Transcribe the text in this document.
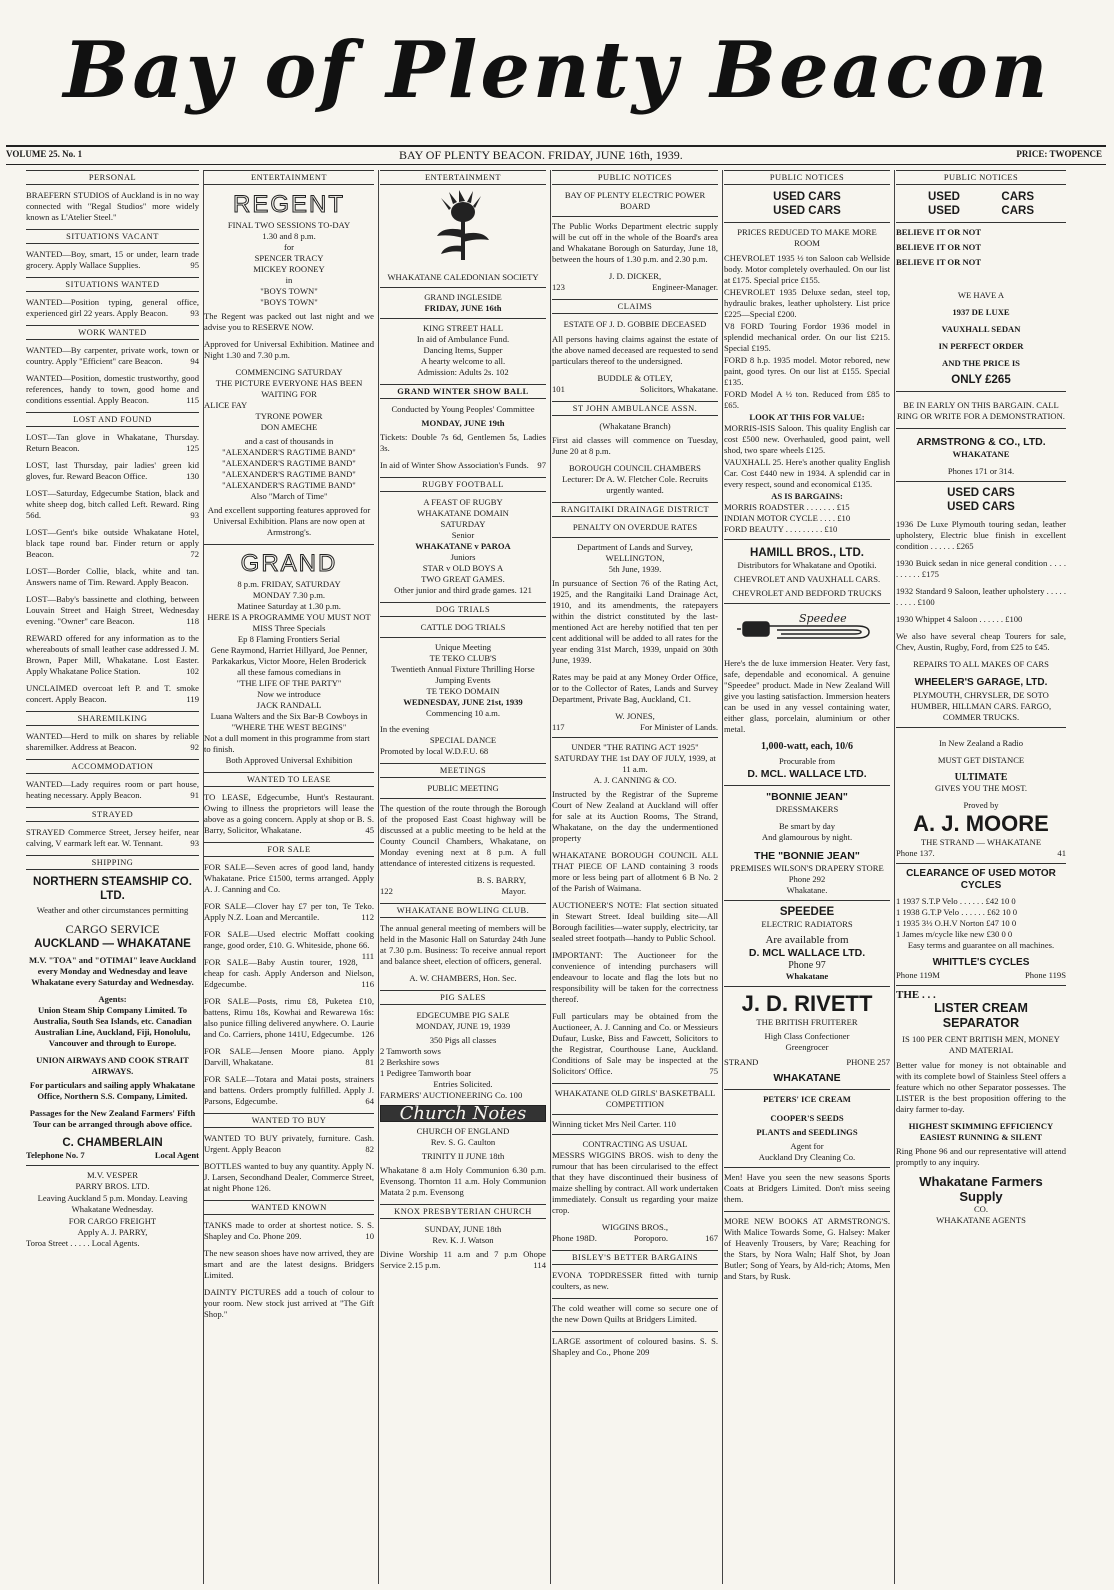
Bay of Plenty Beacon
VOLUME 25. No. 1	BAY OF PLENTY BEACON. FRIDAY, JUNE 16th, 1939.	PRICE: TWOPENCE
PERSONAL

BRAEFERN STUDIOS of Auckland is in no way connected with "Regal Studios" more widely known as L'Atelier Steel."

SITUATIONS VACANT

WANTED—Boy, smart, 15 or under, learn trade grocery. Apply Wallace Supplies.	95

SITUATIONS WANTED

WANTED—Position typing, general office, experienced girl 22 years. Apply Beacon.	93

WORK WANTED

WANTED—By carpenter, private work, town or country. Apply "Efficient" care Beacon.	94

WANTED—Position, domestic trustworthy, good references, handy to town, good home and conditions essential. Apply Beacon.	115

LOST AND FOUND

LOST—Tan glove in Whakatane, Thursday. Return Beacon.	125

LOST, last Thursday, pair ladies' green kid gloves, fur. Reward Beacon Office.	130

LOST—Saturday, Edgecumbe Station, black and white sheep dog, bitch called Left. Reward. Ring 56d.	93

LOST—Gent's bike outside Whakatane Hotel, black tape round bar. Finder return or apply Beacon.	72

LOST—Border Collie, black, white and tan. Answers name of Tim. Reward. Apply Beacon.

LOST—Baby's bassinette and clothing, between Louvain Street and Haigh Street, Wednesday evening. "Owner" care Beacon.	118

REWARD offered for any information as to the whereabouts of small leather case addressed J. M. Brown, Paper Mill, Whakatane. Lost Easter. Apply Whakatane Police Station.	102

UNCLAIMED overcoat left P. and T. smoke concert. Apply Beacon.	119

SHAREMILKING

WANTED—Herd to milk on shares by reliable sharemilker. Address at Beacon.	92

ACCOMMODATION

WANTED—Lady requires room or part house, heating necessary. Apply Beacon.	91

STRAYED

STRAYED Commerce Street, Jersey heifer, near calving, V earmark left ear. W. Tennant.	93

SHIPPING
NORTHERN STEAMSHIP CO. LTD.

Weather and other circumstances permitting

CARGO SERVICE
AUCKLAND — WHAKATANE

M.V. "TOA" and "OTIMAI" leave Auckland every Monday and Wednesday and leave Whakatane every Saturday and Wednesday.

Agents:

Union Steam Ship Company Limited. To Australia, South Sea Islands, etc. Canadian Australian Line, Auckland, Fiji, Honolulu, Vancouver and through to Europe.

UNION AIRWAYS AND COOK STRAIT AIRWAYS.

For particulars and sailing apply Whakatane Office, Northern S.S. Company, Limited.

Passages for the New Zealand Farmers' Fifth Tour can be arranged through above office.

C. CHAMBERLAIN
Telephone No. 7	Local Agent
M.V. VESPER
PARRY BROS. LTD.

Leaving Auckland 5 p.m. Monday. Leaving Whakatane Wednesday.

FOR CARGO FREIGHT
Apply A. J. PARRY,
Toroa Street . . . . . Local Agents.
ENTERTAINMENT
REGENT
FINAL TWO SESSIONS TO-DAY
1.30 and 8 p.m.
for
SPENCER TRACY
MICKEY ROONEY
in
"BOYS TOWN"
"BOYS TOWN"

The Regent was packed out last night and we advise you to RESERVE NOW.

Approved for Universal Exhibition. Matinee and Night 1.30 and 7.30 p.m.

COMMENCING SATURDAY
THE PICTURE EVERYONE HAS BEEN WAITING FOR
ALICE FAY
TYRONE POWER
DON AMECHE
and a cast of thousands in
"ALEXANDER'S RAGTIME BAND"
"ALEXANDER'S RAGTIME BAND"
"ALEXANDER'S RAGTIME BAND"
"ALEXANDER'S RAGTIME BAND"
Also "March of Time"

And excellent supporting features approved for Universal Exhibition. Plans are now open at Armstrong's.

GRAND
8 p.m. FRIDAY, SATURDAY
MONDAY 7.30 p.m.
Matinee Saturday at 1.30 p.m.
HERE IS A PROGRAMME YOU MUST NOT MISS Three Specials
Ep 8 Flaming Frontiers Serial
Gene Raymond, Harriet Hillyard, Joe Penner, Parkakarkus, Victor Moore, Helen Broderick
all these famous comedians in
"THE LIFE OF THE PARTY"
Now we introduce
JACK RANDALL
Luana Walters and the Six Bar-B Cowboys in
"WHERE THE WEST BEGINS"
Not a dull moment in this programme from start to finish.
Both Approved Universal Exhibition
WANTED TO LEASE

TO LEASE, Edgecumbe, Hunt's Restaurant. Owing to illness the proprietors will lease the above as a going concern. Apply at shop or B. S. Barry, Solicitor, Whakatane.	45

FOR SALE

FOR SALE—Seven acres of good land, handy Whakatane. Price £1500, terms arranged. Apply A. J. Canning and Co.

FOR SALE—Clover hay £7 per ton, Te Teko. Apply N.Z. Loan and Mercantile.	112

FOR SALE—Used electric Moffatt cooking range, good order, £10. G. Whiteside, phone 66.
111

FOR SALE—Baby Austin tourer, 1928, cheap for cash. Apply Anderson and Nielson, Edgecumbe.	116

FOR SALE—Posts, rimu £8, Puketea £10, battens, Rimu 18s, Kowhai and Rewarewa 16s: also punice filling delivered anywhere. O. Laurie and Co. Carriers, phone 141U, Edgecumbe. 126

FOR SALE—Jensen Moore piano. Apply Darvill, Whakatane.	81

FOR SALE—Totara and Matai posts, strainers and battens. Orders promptly fulfilled. Apply J. Parsons, Edgecumbe.	64

WANTED TO BUY

WANTED TO BUY privately, furniture. Cash. Urgent. Apply Beacon	82

BOTTLES wanted to buy any quantity. Apply N. J. Larsen, Secondhand Dealer, Commerce Street, at night Phone 126.

WANTED KNOWN

TANKS made to order at shortest notice. S. S. Shapley and Co. Phone 209.	10

The new season shoes have now arrived, they are smart and are the latest designs. Bridgers Limited.

DAINTY PICTURES add a touch of colour to your room. New stock just arrived at "The Gift Shop."

ENTERTAINMENT
WHAKATANE CALEDONIAN SOCIETY
GRAND INGLESIDE
FRIDAY, JUNE 16th
KING STREET HALL
In aid of Ambulance Fund.
Dancing Items, Supper
A hearty welcome to all.
Admission: Adults 2s. 102
GRAND WINTER SHOW BALL
Conducted by Young Peoples' Committee
MONDAY, JUNE 19th

Tickets: Double 7s 6d, Gentlemen 5s, Ladies 3s.

In aid of Winter Show Association's Funds. 97

RUGBY FOOTBALL
A FEAST OF RUGBY
WHAKATANE DOMAIN
SATURDAY
Senior
WHAKATANE v PAROA
Juniors
STAR v OLD BOYS A
TWO GREAT GAMES.
Other junior and third grade games. 121
DOG TRIALS
CATTLE DOG TRIALS
Unique Meeting
TE TEKO CLUB'S
Twentieth Annual Fixture Thrilling Horse Jumping Events
TE TEKO DOMAIN
WEDNESDAY, JUNE 21st, 1939
Commencing 10 a.m.
In the evening
SPECIAL DANCE
Promoted by local W.D.F.U. 68
MEETINGS
PUBLIC MEETING

The question of the route through the Borough of the proposed East Coast highway will be discussed at a public meeting to be held at the County Council Chambers, Whakatane, on Monday evening next at 8 p.m. A full attendance of interested citizens is requested.

B. S. BARRY,
122	Mayor.
WHAKATANE BOWLING CLUB.

The annual general meeting of members will be held in the Masonic Hall on Saturday 24th June at 7.30 p.m. Business: To receive annual report and balance sheet, election of officers, general.

A. W. CHAMBERS, Hon. Sec.
PIG SALES
EDGECUMBE PIG SALE
MONDAY, JUNE 19, 1939
350 Pigs all classes
2 Tamworth sows
2 Berkshire sows
1 Pedigree Tamworth boar
Entries Solicited.
FARMERS' AUCTIONEERING Co. 100
Church Notes
CHURCH OF ENGLAND
Rev. S. G. Caulton
TRINITY II JUNE 18th

Whakatane 8 a.m Holy Communion 6.30 p.m. Evensong. Thornton 11 a.m. Holy Communion Matata 2 p.m. Evensong

KNOX PRESBYTERIAN CHURCH
SUNDAY, JUNE 18th
Rev. K. J. Watson

Divine Worship 11 a.m and 7 p.m Ohope Service 2.15 p.m.	114

PUBLIC NOTICES
BAY OF PLENTY ELECTRIC POWER BOARD

The Public Works Department electric supply will be cut off in the whole of the Board's area and Whakatane Borough on Saturday, June 18, between the hours of 1.30 p.m. and 2.30 p.m.

J. D. DICKER,
123	Engineer-Manager.
CLAIMS
ESTATE OF J. D. GOBBIE DECEASED

All persons having claims against the estate of the above named deceased are requested to send particulars thereof to the undersigned.

BUDDLE & OTLEY,
101	Solicitors, Whakatane.
ST JOHN AMBULANCE ASSN.
(Whakatane Branch)

First aid classes will commence on Tuesday, June 20 at 8 p.m.

BOROUGH COUNCIL CHAMBERS
Lecturer: Dr A. W. Fletcher Cole. Recruits urgently wanted.
RANGITAIKI DRAINAGE DISTRICT
PENALTY ON OVERDUE RATES
Department of Lands and Survey,
WELLINGTON,
5th June, 1939.

In pursuance of Section 76 of the Rating Act, 1925, and the Rangitaiki Land Drainage Act, 1910, and its amendments, the ratepayers within the district constituted by the last-mentioned Act are hereby notified that ten per cent additional will be added to all rates for the year ending 31st March, 1939, unpaid on 30th June, 1939.

Rates may be paid at any Money Order Office, or to the Collector of Rates, Lands and Survey Department, Private Bag, Auckland, C1.

W. JONES,
117	For Minister of Lands.
UNDER "THE RATING ACT 1925" SATURDAY THE 1st DAY OF JULY, 1939, at 11 a.m.
A. J. CANNING & CO.

Instructed by the Registrar of the Supreme Court of New Zealand at Auckland will offer for sale at its Auction Rooms, The Strand, Whakatane, on the day the undermentioned property

WHAKATANE BOROUGH COUNCIL ALL THAT PIECE OF LAND containing 3 roods more or less being part of allotment 6 B No. 2 of the Parish of Waimana.

AUCTIONEER'S NOTE: Flat section situated in Stewart Street. Ideal building site—All Borough facilities—water supply, electricity, tar sealed street footpath—handy to Public School.

IMPORTANT: The Auctioneer for the convenience of intending purchasers will endeavour to locate and flag the lots but no responsibility will be taken for the correctness thereof.

Full particulars may be obtained from the Auctioneer, A. J. Canning and Co. or Messieurs Dufaur, Luske, Biss and Fawcett, Solicitors to the Registrar, Courthouse Lane, Auckland. Conditions of Sale may be inspected at the Solicitors' Office.	75

WHAKATANE OLD GIRLS' BASKETBALL COMPETITION
Winning ticket Mrs Neil Carter. 110
CONTRACTING AS USUAL

MESSRS WIGGINS BROS. wish to deny the rumour that has been circularised to the effect that they have discontinued their business of maize shelling by contract. All work undertaken immediately. Consult us regarding your maize crop.

WIGGINS BROS.,
Phone 198D.	Poroporo.	167
BISLEY'S BETTER BARGAINS

EVONA TOPDRESSER fitted with turnip coulters, as new.

The cold weather will come so secure one of the new Down Quilts at Bridgers Limited.

LARGE assortment of coloured basins. S. S. Shapley and Co., Phone 209

PUBLIC NOTICES
USED CARS
USED CARS
PRICES REDUCED TO MAKE MORE ROOM

CHEVROLET 1935 ½ ton Saloon cab Wellside body. Motor completely overhauled. On our list at £175. Special price £155.

CHEVROLET 1935 Deluxe sedan, steel top, hydraulic brakes, leather upholstery. List price £225—Special £200.

V8 FORD Touring Fordor 1936 model in splendid mechanical order. On our list £215. Special £195.

FORD 8 h.p. 1935 model. Motor rebored, new paint, good tyres. On our list at £155. Special £135.

FORD Model A ½ ton. Reduced from £85 to £65.

LOOK AT THIS FOR VALUE:

MORRIS-ISIS Saloon. This quality English car cost £500 new. Overhauled, good paint, well shod, two spare wheels £125.

VAUXHALL 25. Here's another quality English Car. Cost £440 new in 1934. A splendid car in every respect, sound and economical £135.

AS IS BARGAINS:
MORRIS ROADSTER . . . . . . . £15
INDIAN MOTOR CYCLE . . . . £10
FORD BEAUTY . . . . . . . . . £10
HAMILL BROS., LTD.
Distributors for Whakatane and Opotiki.
CHEVROLET AND VAUXHALL CARS.
CHEVROLET AND BEDFORD TRUCKS
Speedee

Here's the de luxe immersion Heater. Very fast, safe, dependable and economical. A genuine "Speedee" product. Made in New Zealand Will give you lasting satisfaction. Immersion heaters can be used in any vessel containing water, either glass, porcelain, aluminium or other metal.

1,000-watt, each, 10/6
Procurable from
D. MCL. WALLACE LTD.
"BONNIE JEAN"
DRESSMAKERS
Be smart by day
And glamourous by night.
THE "BONNIE JEAN"
PREMISES WILSON'S DRAPERY STORE
Phone 292
Whakatane.
SPEEDEE
ELECTRIC RADIATORS
Are available from
D. MCL WALLACE LTD.
Phone 97
Whakatane
J. D. RIVETT
THE BRITISH FRUITERER
High Class Confectioner
Greengrocer
STRAND	PHONE 257
WHAKATANE
PETERS' ICE CREAM
COOPER'S SEEDS
PLANTS and SEEDLINGS
Agent for
Auckland Dry Cleaning Co.

Men! Have you seen the new seasons Sports Coats at Bridgers Limited. Don't miss seeing them.

MORE NEW BOOKS AT ARMSTRONG'S. With Malice Towards Some, G. Halsey: Maker of Heavenly Trousers, by Vare; Reaching for the Stars, by Nora Waln; Half Shot, by Joan Butler; Song of Years, by Ald-rich; Atoms, Men and Stars, by Rusk.

PUBLIC NOTICES
USED	CARS
USED	CARS
BELIEVE IT OR NOT
BELIEVE IT OR NOT
BELIEVE IT OR NOT
WE HAVE A
1937 DE LUXE
VAUXHALL SEDAN
IN PERFECT ORDER
AND THE PRICE IS
ONLY £265

BE IN EARLY ON THIS BARGAIN. CALL RING OR WRITE FOR A DEMONSTRATION.

ARMSTRONG & CO., LTD.
WHAKATANE
Phones 171 or 314.
USED CARS
USED CARS

1936 De Luxe Plymouth touring sedan, leather upholstery, Electric blue finish in excellent condition . . . . . . £265

1930 Buick sedan in nice general condition . . . . . . . . . . £175

1932 Standard 9 Saloon, leather upholstery . . . . . . . . . . £100

1930 Whippet 4 Saloon . . . . . . £100

We also have several cheap Tourers for sale, Chev, Austin, Rugby, Ford, from £25 to £45.

REPAIRS TO ALL MAKES OF CARS
WHEELER'S GARAGE, LTD.
PLYMOUTH, CHRYSLER, DE SOTO HUMBER, HILLMAN CARS. FARGO, COMMER TRUCKS.
In New Zealand a Radio
MUST GET DISTANCE
ULTIMATE
GIVES YOU THE MOST.
Proved by
A. J. MOORE
THE STRAND — WHAKATANE
Phone 137.	41
CLEARANCE OF USED MOTOR CYCLES
1 1937 S.T.P Velo . . . . . . £42 10 0
1 1938 G.T.P Velo . . . . . . £62 10 0
1 1935 3½ O.H.V Norton £47 10 0
1 James m/cycle like new £30 0 0
Easy terms and guarantee on all machines.
WHITTLE'S CYCLES
Phone 119M	Phone 119S
THE . . .
LISTER CREAM SEPARATOR
IS 100 PER CENT BRITISH MEN, MONEY AND MATERIAL

Better value for money is not obtainable and with its complete bowl of Stainless Steel offers a feature which no other Separator possesses. The LISTER is the best proposition offering to the dairy farmer to-day.

HIGHEST SKIMMING EFFICIENCY EASIEST RUNNING & SILENT

Ring Phone 96 and our representative will attend promptly to any inquiry.

Whakatane Farmers Supply
CO.
WHAKATANE AGENTS
